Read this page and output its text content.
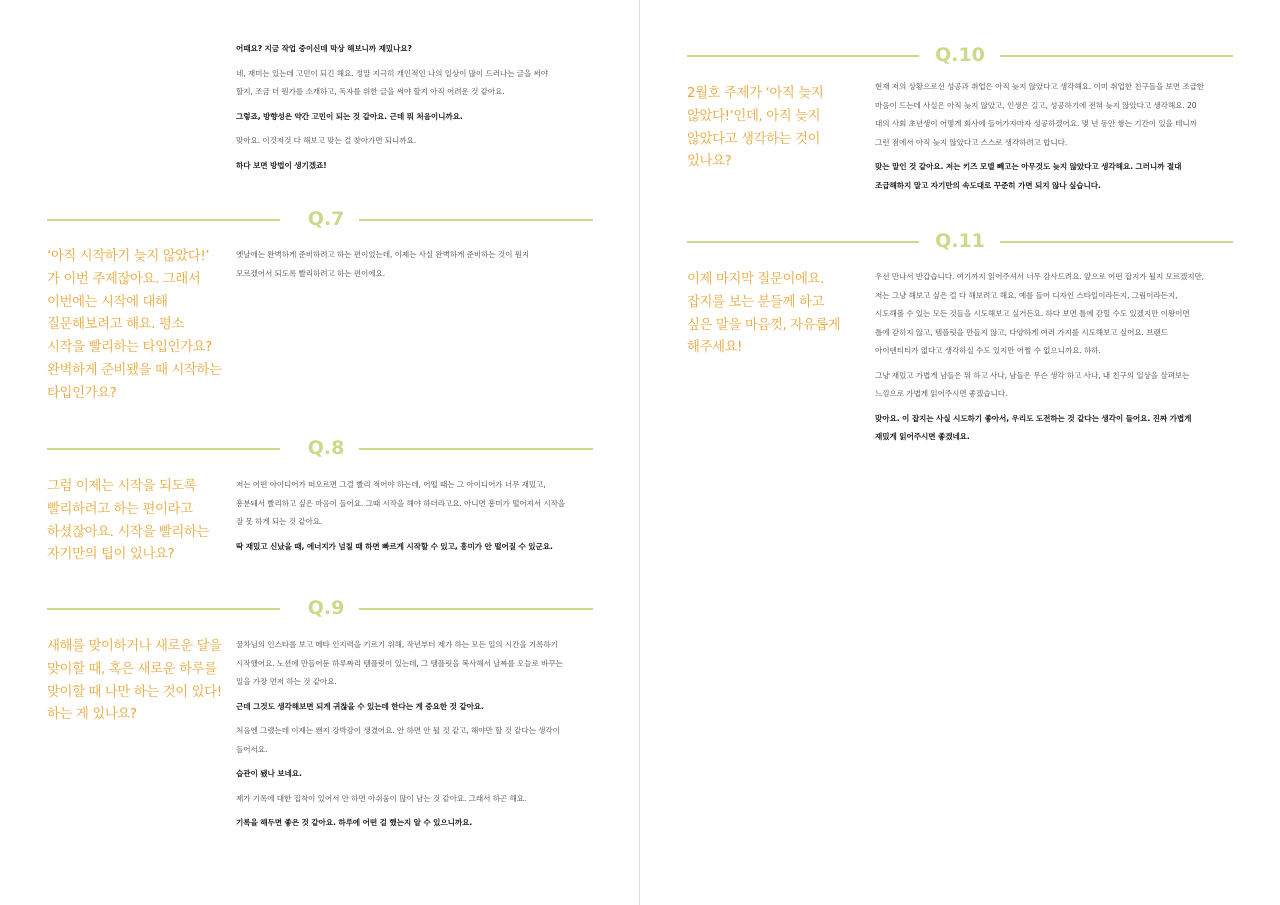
어때요? 지금 작업 중이신데 막상 해보니까 재밌나요?

네, 재미는 있는데 고민이 되긴 해요. 정말 지극히 개인적인 나의 일상이 많이 드러나는 글을 써야
할지, 조금 더 뭔가를 소개하고, 독자를 위한 글을 써야 할지 아직 어려운 것 같아요.

그렇죠, 방향성은 약간 고민이 되는 것 같아요. 근데 뭐 처음이니까요.

맞아요. 이것저것 다 해보고 맞는 걸 찾아가면 되니까요.

하다 보면 방법이 생기겠죠!

Q.7
‘아직 시작하기 늦지 않았다!’
가 이번 주제잖아요. 그래서
이번에는 시작에 대해
질문해보려고 해요. 평소
시작을 빨리하는 타입인가요?
완벽하게 준비됐을 때 시작하는
타입인가요?

옛날에는 완벽하게 준비하려고 하는 편이었는데, 이제는 사실 완벽하게 준비하는 것이 뭔지
모르겠어서 되도록 빨리하려고 하는 편이에요.

Q.8
그럼 이제는 시작을 되도록
빨리하려고 하는 편이라고
하셨잖아요. 시작을 빨리하는
자기만의 팁이 있나요?

저는 어떤 아이디어가 떠오르면 그걸 빨리 적어야 하는데, 어떨 때는 그 아이디어가 너무 재밌고,
흥분돼서 빨리하고 싶은 마음이 들어요. 그때 시작을 해야 하더라고요. 아니면 흥미가 떨어져서 시작을
잘 못 하게 되는 것 같아요.

딱 재밌고 신났을 때, 에너지가 넘칠 때 하면 빠르게 시작할 수 있고, 흥미가 안 떨어질 수 있군요.

Q.9
새해를 맞이하거나 새로운 달을
맞이할 때, 혹은 새로운 하루를
맞이할 때 나만 하는 것이 있다!
하는 게 있나요?

꿀차님의 인스타를 보고 메타 인지력을 기르기 위해, 작년부터 제가 하는 모든 일의 시간을 기록하기
시작했어요. 노션에 만들어둔 하루짜리 템플릿이 있는데, 그 템플릿을 복사해서 날짜를 오늘로 바꾸는
일을 가장 먼저 하는 것 같아요.

근데 그것도 생각해보면 되게 귀찮을 수 있는데 한다는 게 중요한 것 같아요.

처음엔 그랬는데 이제는 왠지 강박감이 생겼어요. 안 하면 안 될 것 같고, 해야만 할 것 같다는 생각이
들어서요.

습관이 됐나 보네요.

제가 기록에 대한 집착이 있어서 안 하면 아쉬움이 많이 남는 것 같아요. 그래서 하곤 해요.

기록을 해두면 좋은 것 같아요. 하루에 어떤 걸 했는지 알 수 있으니까요.

Q.10
2월호 주제가 ‘아직 늦지
않았다!’인데, 아직 늦지
않았다고 생각하는 것이
있나요?

현재 저의 상황으로선 성공과 취업은 아직 늦지 않았다고 생각해요. 이미 취업한 친구들을 보면 조급한
마음이 드는데 사실은 아직 늦지 않았고, 인생은 길고, 성공하기에 전혀 늦지 않았다고 생각해요. 20
대의 사회 초년생이 어떻게 회사에 들어가자마자 성공하겠어요. 몇 년 동안 쌓는 기간이 있을 테니까
그런 점에서 아직 늦지 않았다고 스스로 생각하려고 합니다.

맞는 말인 것 같아요. 저는 키즈 모델 빼고는 아무것도 늦지 않았다고 생각해요. 그러니까 절대
조급해하지 말고 자기만의 속도대로 꾸준히 가면 되지 않나 싶습니다.

Q.11
이제 마지막 질문이에요.
잡지를 보는 분들께 하고
싶은 말을 마음껏, 자유롭게
해주세요!

우선 만나서 반갑습니다. 여기까지 읽어주셔서 너무 감사드려요. 앞으로 어떤 잡지가 될지 모르겠지만,
저는 그냥 해보고 싶은 걸 다 해보려고 해요. 예를 들어 디자인 스타일이라든지, 그림이라든지,
시도해볼 수 있는 모든 것들을 시도해보고 싶거든요. 하다 보면 틀에 갇힐 수도 있겠지만 이왕이면
틀에 갇히지 않고, 템플릿을 만들지 않고, 다양하게 여러 가지를 시도해보고 싶어요. 브랜드
아이덴티티가 없다고 생각하실 수도 있지만 어쩔 수 없으니까요. 하하.

그냥 재밌고 가볍게 남들은 뭐 하고 사나, 남들은 무슨 생각 하고 사나, 내 친구의 일상을 살펴보는
느낌으로 가볍게 읽어주시면 좋겠습니다.

맞아요. 이 잡지는 사실 시도하기 좋아서, 우리도 도전하는 것 같다는 생각이 들어요. 진짜 가볍게
재밌게 읽어주시면 좋겠네요.
